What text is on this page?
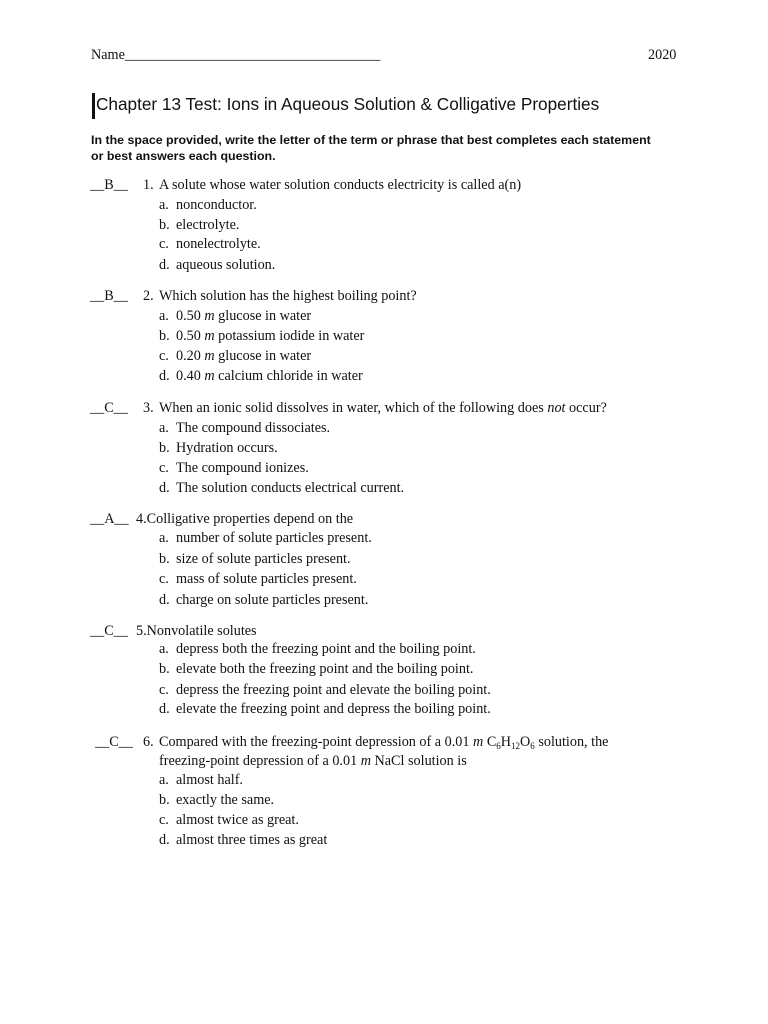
Name____________________________________	2020
Chapter 13 Test: Ions in Aqueous Solution & Colligative Properties
In the space provided, write the letter of the term or phrase that best completes each statement or best answers each question.
__B__ 1. A solute whose water solution conducts electricity is called a(n)
a. nonconductor.
b. electrolyte.
c. nonelectrolyte.
d. aqueous solution.
__B__ 2. Which solution has the highest boiling point?
a. 0.50 m glucose in water
b. 0.50 m potassium iodide in water
c. 0.20 m glucose in water
d. 0.40 m calcium chloride in water
__C__ 3. When an ionic solid dissolves in water, which of the following does not occur?
a. The compound dissociates.
b. Hydration occurs.
c. The compound ionizes.
d. The solution conducts electrical current.
__A__ 4.Colligative properties depend on the
a. number of solute particles present.
b. size of solute particles present.
c. mass of solute particles present.
d. charge on solute particles present.
__C__ 5.Nonvolatile solutes
a. depress both the freezing point and the boiling point.
b. elevate both the freezing point and the boiling point.
c. depress the freezing point and elevate the boiling point.
d. elevate the freezing point and depress the boiling point.
__C__ 6. Compared with the freezing-point depression of a 0.01 m $C_6H_{12}O_6$ solution, the
freezing-point depression of a 0.01 m NaCl solution is
a. almost half.
b. exactly the same.
c. almost twice as great.
d. almost three times as great
